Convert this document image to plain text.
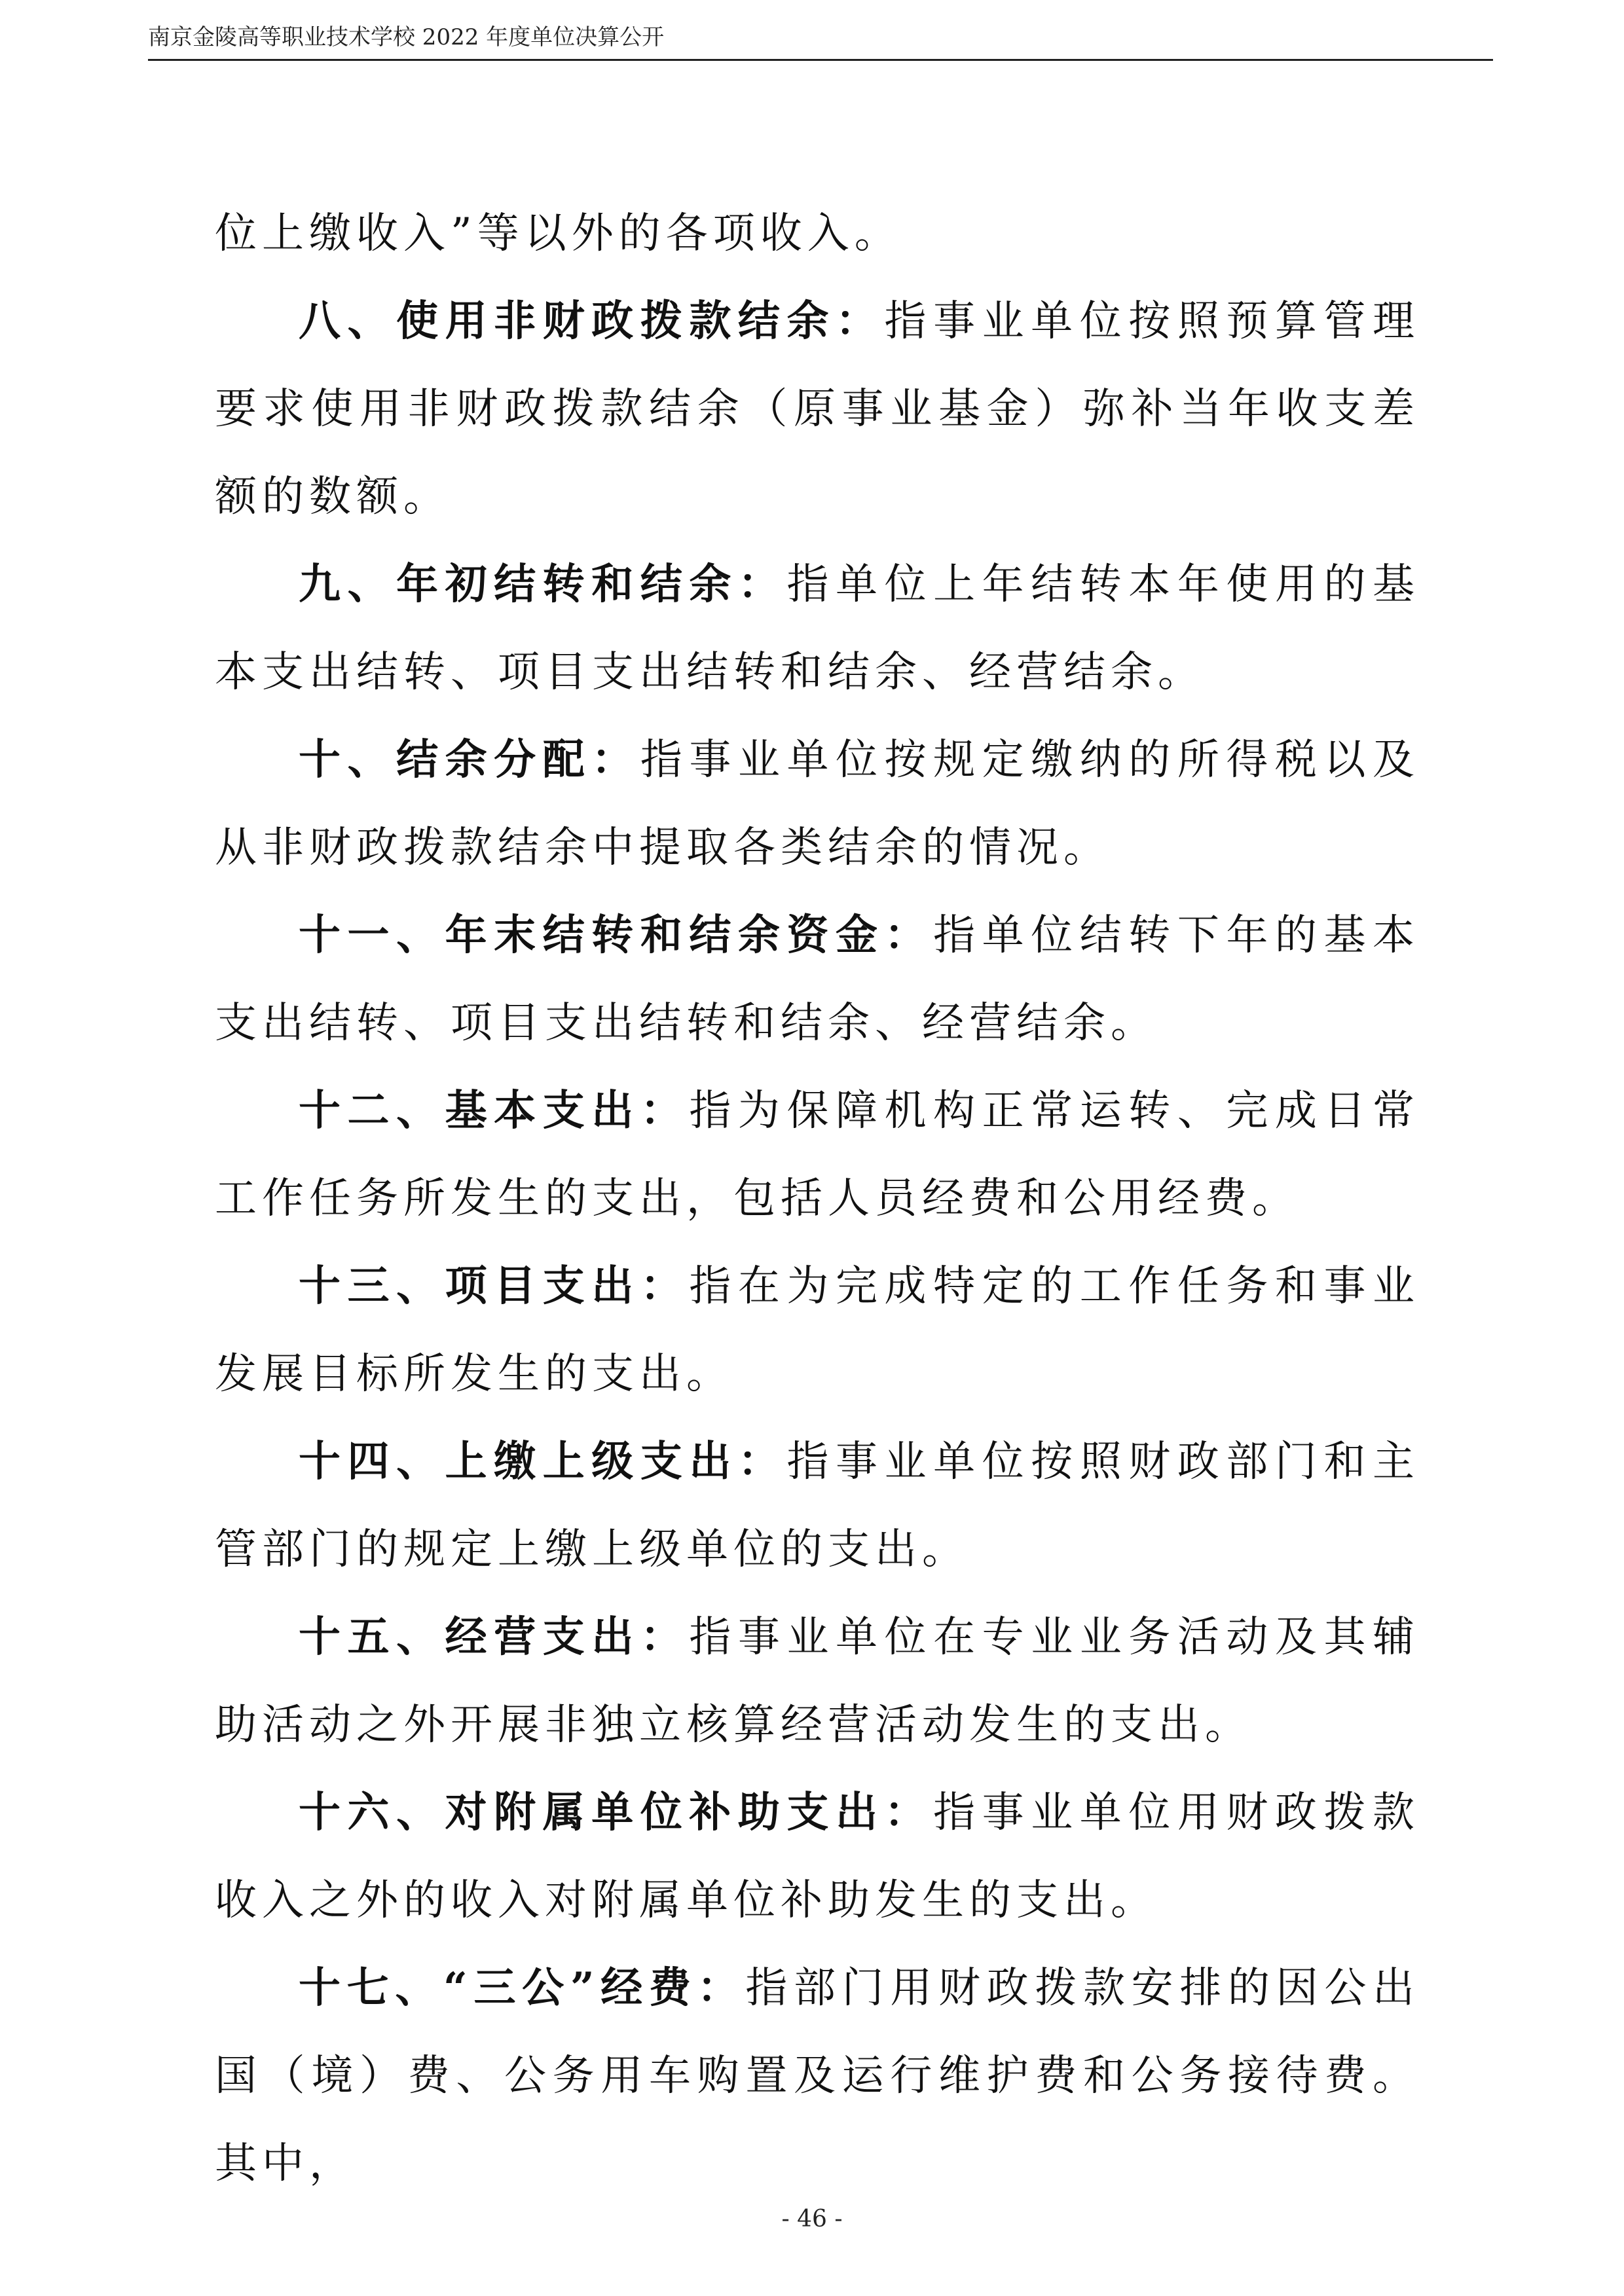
南京金陵高等职业技术学校 2022 年度单位决算公开

位上缴收入”等以外的各项收入。

八、使用非财政拨款结余：指事业单位按照预算管理要求使用非财政拨款结余（原事业基金）弥补当年收支差额的数额。

九、年初结转和结余：指单位上年结转本年使用的基本支出结转、项目支出结转和结余、经营结余。

十、结余分配：指事业单位按规定缴纳的所得税以及从非财政拨款结余中提取各类结余的情况。

十一、年末结转和结余资金：指单位结转下年的基本支出结转、项目支出结转和结余、经营结余。

十二、基本支出：指为保障机构正常运转、完成日常工作任务所发生的支出，包括人员经费和公用经费。

十三、项目支出：指在为完成特定的工作任务和事业发展目标所发生的支出。

十四、上缴上级支出：指事业单位按照财政部门和主管部门的规定上缴上级单位的支出。

十五、经营支出：指事业单位在专业业务活动及其辅助活动之外开展非独立核算经营活动发生的支出。

十六、对附属单位补助支出：指事业单位用财政拨款收入之外的收入对附属单位补助发生的支出。

十七、“三公”经费：指部门用财政拨款安排的因公出国（境）费、公务用车购置及运行维护费和公务接待费。其中，

- 46 -
